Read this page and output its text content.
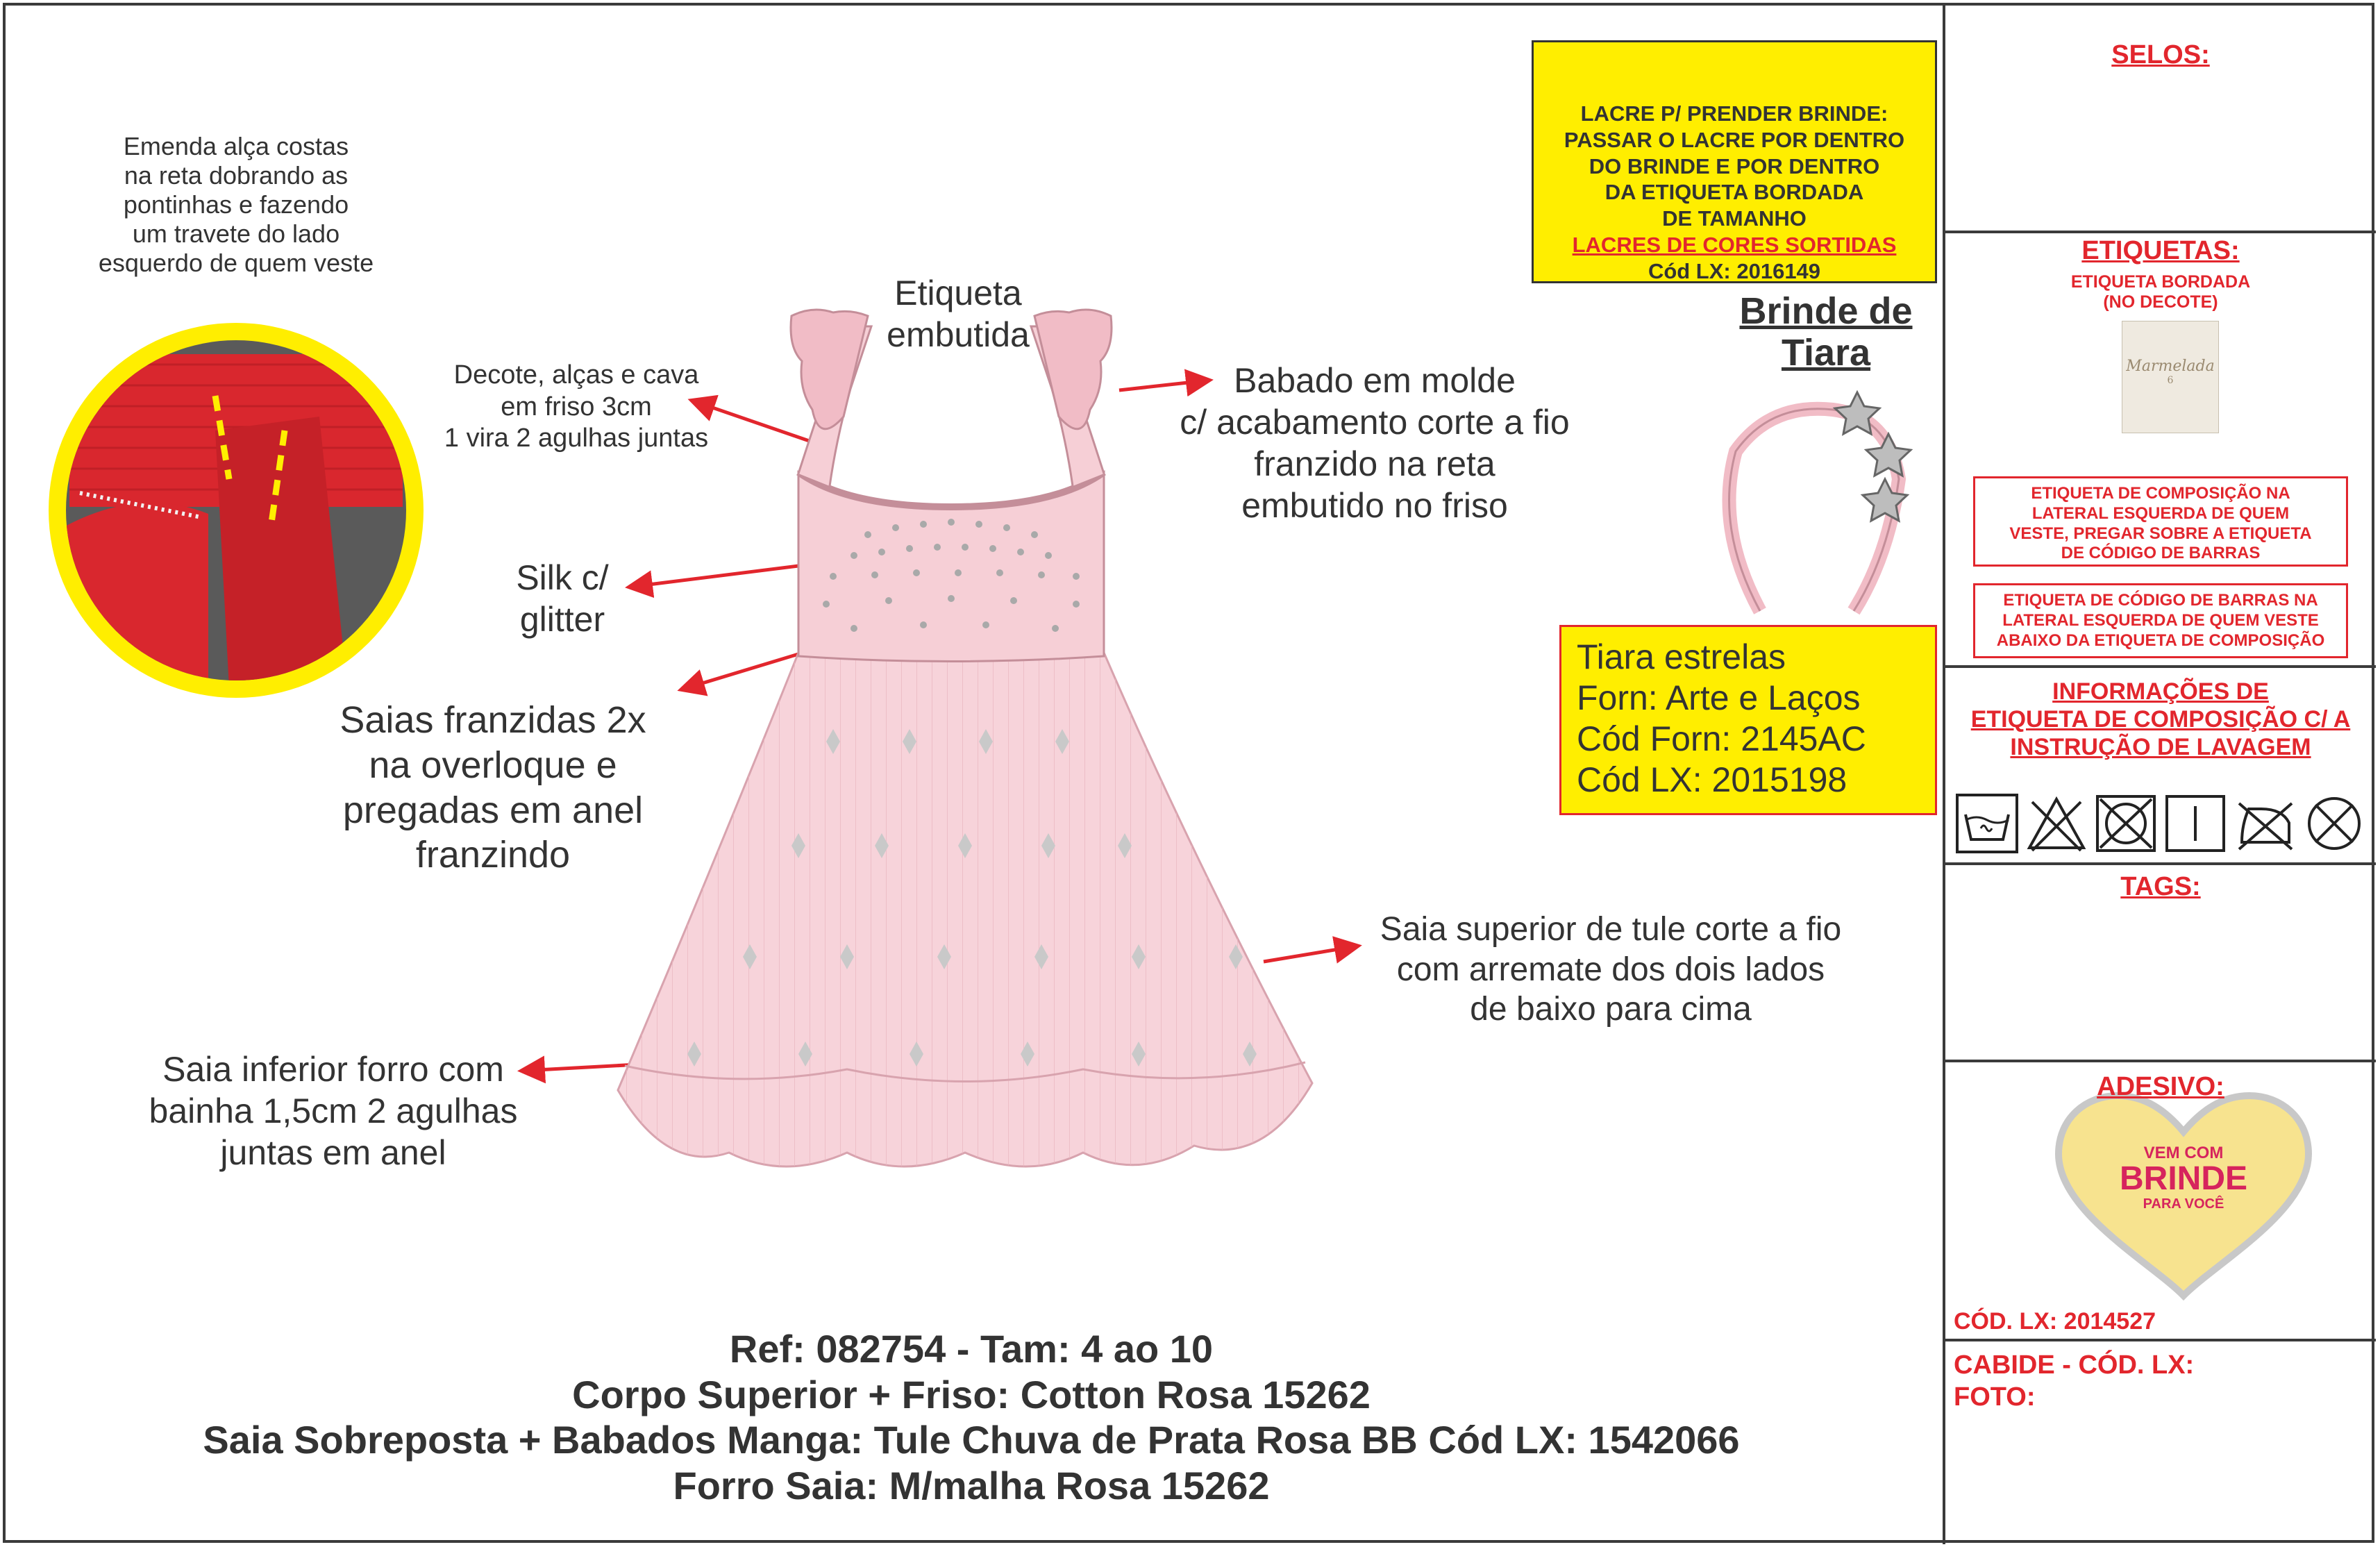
Emenda alça costas
na reta dobrando as
pontinhas e fazendo
um travete do lado
esquerdo de quem veste
Etiqueta
embutida
Decote, alças e cava
em friso 3cm
1 vira 2 agulhas juntas
Babado em molde
c/ acabamento corte a fio
franzido na reta
embutido no friso
Silk c/
glitter
Saias franzidas 2x
na overloque e
pregadas em anel
franzindo
Saia superior de tule corte a fio
com arremate dos dois lados
de baixo para cima
Saia inferior forro com
bainha 1,5cm 2 agulhas
juntas em anel
LACRE P/ PRENDER BRINDE:
PASSAR O LACRE POR DENTRO
DO BRINDE E POR DENTRO
DA ETIQUETA BORDADA
DE TAMANHO
LACRES DE CORES SORTIDAS
Cód LX: 2016149
Brinde de
Tiara
Tiara estrelas
Forn: Arte e Laços
Cód Forn: 2145AC
Cód LX: 2015198
SELOS:
ETIQUETAS:
ETIQUETA BORDADA
(NO DECOTE)
Marmelada
6
ETIQUETA DE COMPOSIÇÃO NA
LATERAL ESQUERDA DE QUEM
VESTE, PREGAR SOBRE A ETIQUETA
DE CÓDIGO DE BARRAS
ETIQUETA DE CÓDIGO DE BARRAS NA
LATERAL ESQUERDA DE QUEM VESTE
ABAIXO DA ETIQUETA DE COMPOSIÇÃO
INFORMAÇÕES DE
ETIQUETA DE COMPOSIÇÃO C/ A
INSTRUÇÃO DE LAVAGEM
TAGS:
ADESIVO:
VEM COM
BRINDE
PARA VOCÊ
CÓD. LX: 2014527
CABIDE - CÓD. LX:
FOTO:
Ref: 082754 - Tam: 4 ao 10
Corpo Superior + Friso: Cotton Rosa 15262
Saia Sobreposta + Babados Manga: Tule Chuva de Prata Rosa BB Cód LX: 1542066
Forro Saia: M/malha Rosa 15262
